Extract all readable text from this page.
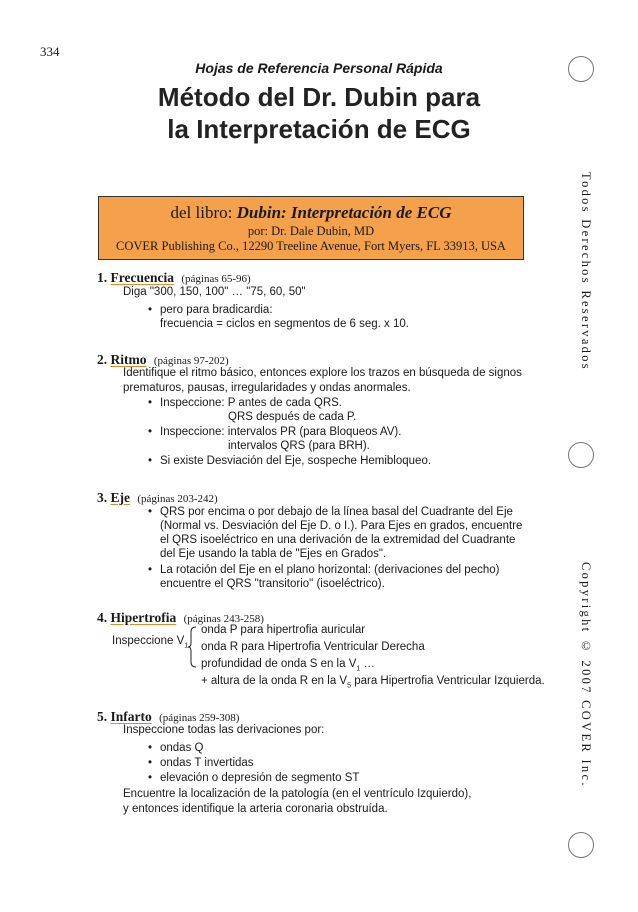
334
Hojas de Referencia Personal Rápida
Método del Dr. Dubin para
la Interpretación de ECG
Todos Derechos Reservados
Copyright © 2007 COVER Inc.
del libro: Dubin: Interpretación de ECG
por: Dr. Dale Dubin, MD
COVER Publishing Co., 12290 Treeline Avenue, Fort Myers, FL 33913, USA
1. Frecuencia (páginas 65-96)
Diga "300, 150, 100" … "75, 60, 50"
• pero para bradicardia:
frecuencia = ciclos en segmentos de 6 seg. x 10.
2. Ritmo (páginas 97-202)
Identifique el ritmo básico, entonces explore los trazos en búsqueda de signos
prematuros, pausas, irregularidades y ondas anormales.
• Inspeccione: P antes de cada QRS.
QRS después de cada P.
• Inspeccione: intervalos PR (para Bloqueos AV).
intervalos QRS (para BRH).
• Si existe Desviación del Eje, sospeche Hemibloqueo.
3. Eje (páginas 203-242)
• QRS por encima o por debajo de la línea basal del Cuadrante del Eje
(Normal vs. Desviación del Eje D. o I.). Para Ejes en grados, encuentre
el QRS isoeléctrico en una derivación de la extremidad del Cuadrante
del Eje usando la tabla de "Ejes en Grados".
• La rotación del Eje en el plano horizontal: (derivaciones del pecho)
encuentre el QRS "transitorio" (isoeléctrico).
4. Hipertrofia (páginas 243-258)
Inspeccione $V_1$
onda P para hipertrofia auricular
onda R para Hipertrofia Ventricular Derecha
profundidad de onda S en la $V_1$ …
+ altura de la onda R en la $V_5$ para Hipertrofia Ventricular Izquierda.
5. Infarto (páginas 259-308)
Inspeccione todas las derivaciones por:
• ondas Q
• ondas T invertidas
• elevación o depresión de segmento ST
Encuentre la localización de la patología (en el ventrículo Izquierdo),
y entonces identifique la arteria coronaria obstruída.
